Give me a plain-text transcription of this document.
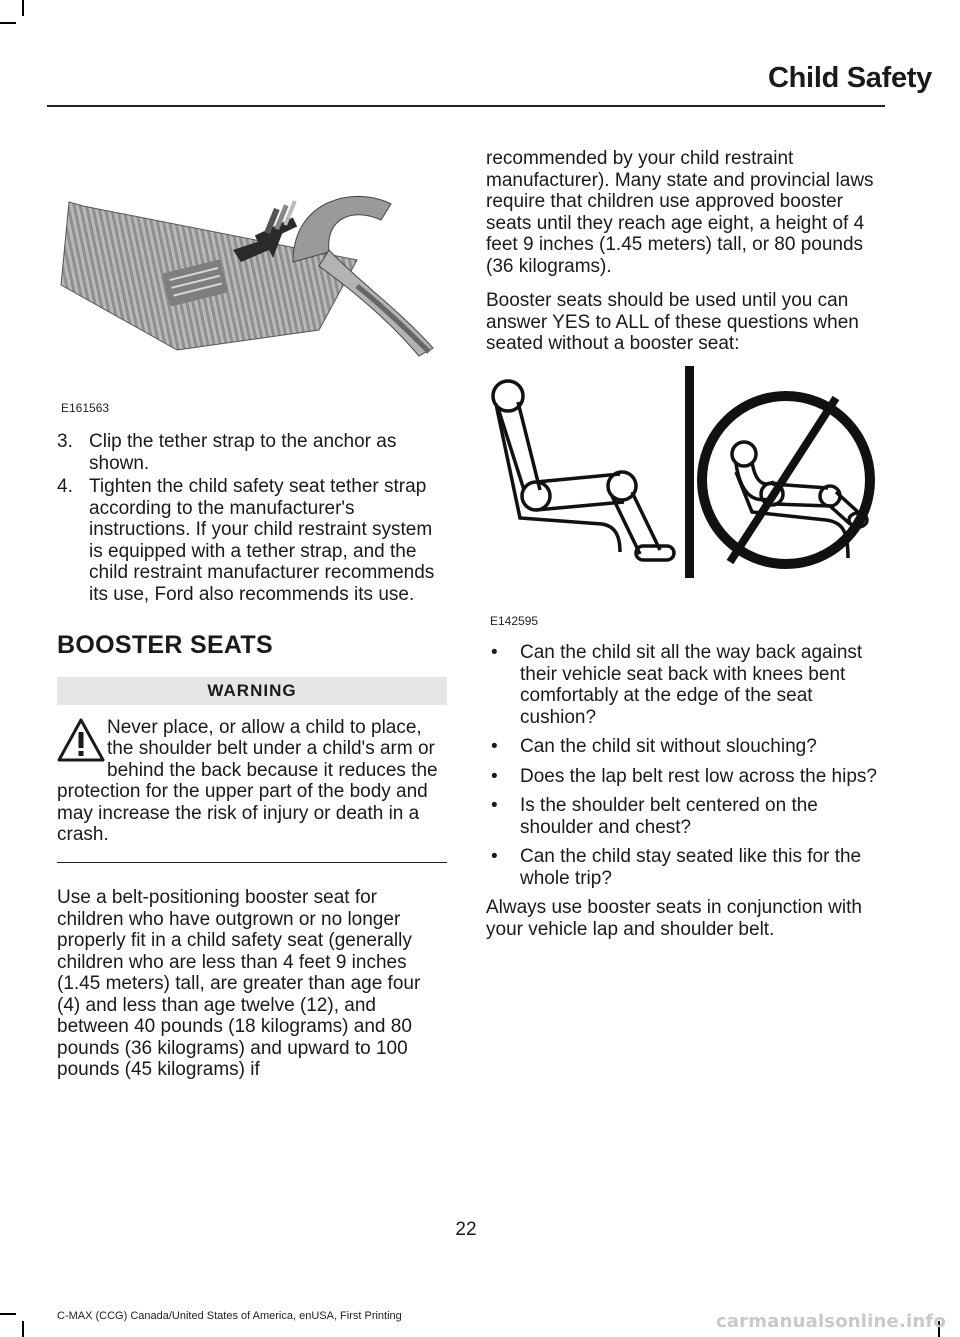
Child Safety
E161563
3. Clip the tether strap to the anchor as shown.
4. Tighten the child safety seat tether strap according to the manufacturer's instructions. If your child restraint system is equipped with a tether strap, and the child restraint manufacturer recommends its use, Ford also recommends its use.
BOOSTER SEATS
WARNING
Never place, or allow a child to place, the shoulder belt under a child's arm or behind the back because it reduces the protection for the upper part of the body and may increase the risk of injury or death in a crash.

Use a belt-positioning booster seat for children who have outgrown or no longer properly fit in a child safety seat (generally children who are less than 4 feet 9 inches (1.45 meters) tall, are greater than age four (4) and less than age twelve (12), and between 40 pounds (18 kilograms) and 80 pounds (36 kilograms) and upward to 100 pounds (45 kilograms) if

recommended by your child restraint manufacturer). Many state and provincial laws require that children use approved booster seats until they reach age eight, a height of 4 feet 9 inches (1.45 meters) tall, or 80 pounds (36 kilograms).

Booster seats should be used until you can answer YES to ALL of these questions when seated without a booster seat:

E142595
• Can the child sit all the way back against their vehicle seat back with knees bent comfortably at the edge of the seat cushion?
• Can the child sit without slouching?
• Does the lap belt rest low across the hips?
• Is the shoulder belt centered on the shoulder and chest?
• Can the child stay seated like this for the whole trip?

Always use booster seats in conjunction with your vehicle lap and shoulder belt.

22
C-MAX (CCG) Canada/United States of America, enUSA, First Printing	carmanualsonline.info
